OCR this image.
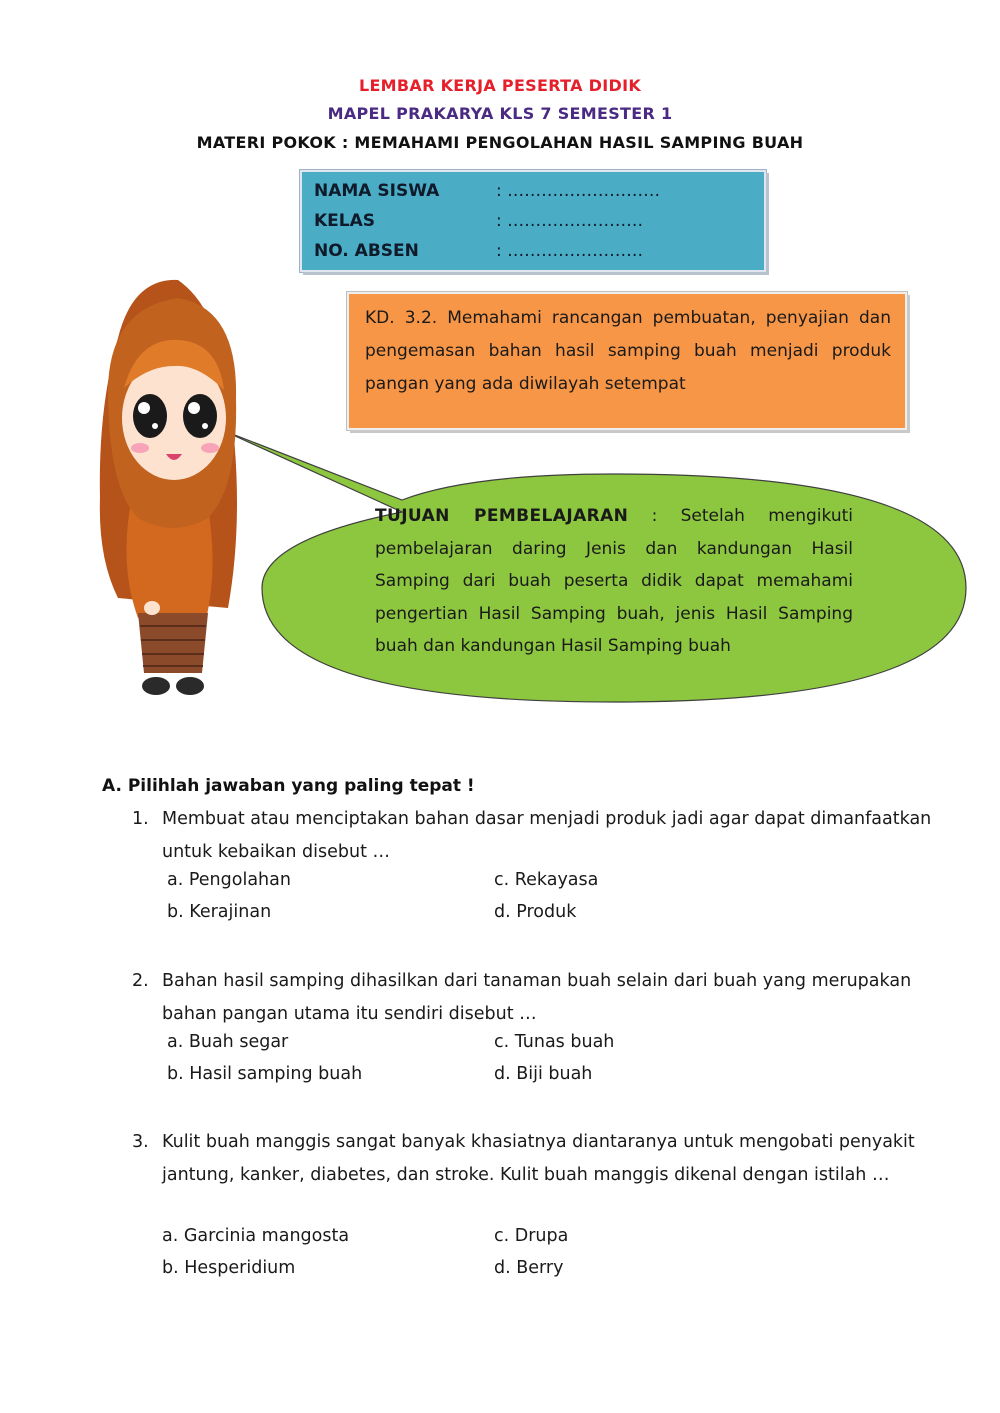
LEMBAR KERJA PESERTA DIDIK
MAPEL PRAKARYA KLS 7 SEMESTER 1
MATERI POKOK : MEMAHAMI PENGOLAHAN HASIL SAMPING BUAH
NAMA SISWA	: ………………………
KELAS	: ……………………
NO. ABSEN	: ……………………
KD. 3.2. Memahami rancangan pembuatan, penyajian dan pengemasan bahan hasil samping buah menjadi produk pangan yang ada diwilayah setempat
TUJUAN PEMBELAJARAN : Setelah mengikuti pembelajaran daring Jenis dan kandungan Hasil Samping dari buah peserta didik dapat memahami pengertian Hasil Samping buah, jenis Hasil Samping buah dan kandungan Hasil Samping buah
A. Pilihlah jawaban yang paling tepat !
1. Membuat atau menciptakan bahan dasar menjadi produk jadi agar dapat dimanfaatkan untuk kebaikan disebut …
a. Pengolahan
b. Kerajinan
c. Rekayasa
d. Produk
2. Bahan hasil samping dihasilkan dari tanaman buah selain dari buah yang merupakan bahan pangan utama itu sendiri disebut …
a. Buah segar
b. Hasil samping buah
c. Tunas buah
d. Biji buah
3. Kulit buah manggis sangat banyak khasiatnya diantaranya untuk mengobati penyakit jantung, kanker, diabetes, dan stroke. Kulit buah manggis dikenal dengan istilah …
a. Garcinia mangosta
b. Hesperidium
c. Drupa
d. Berry
